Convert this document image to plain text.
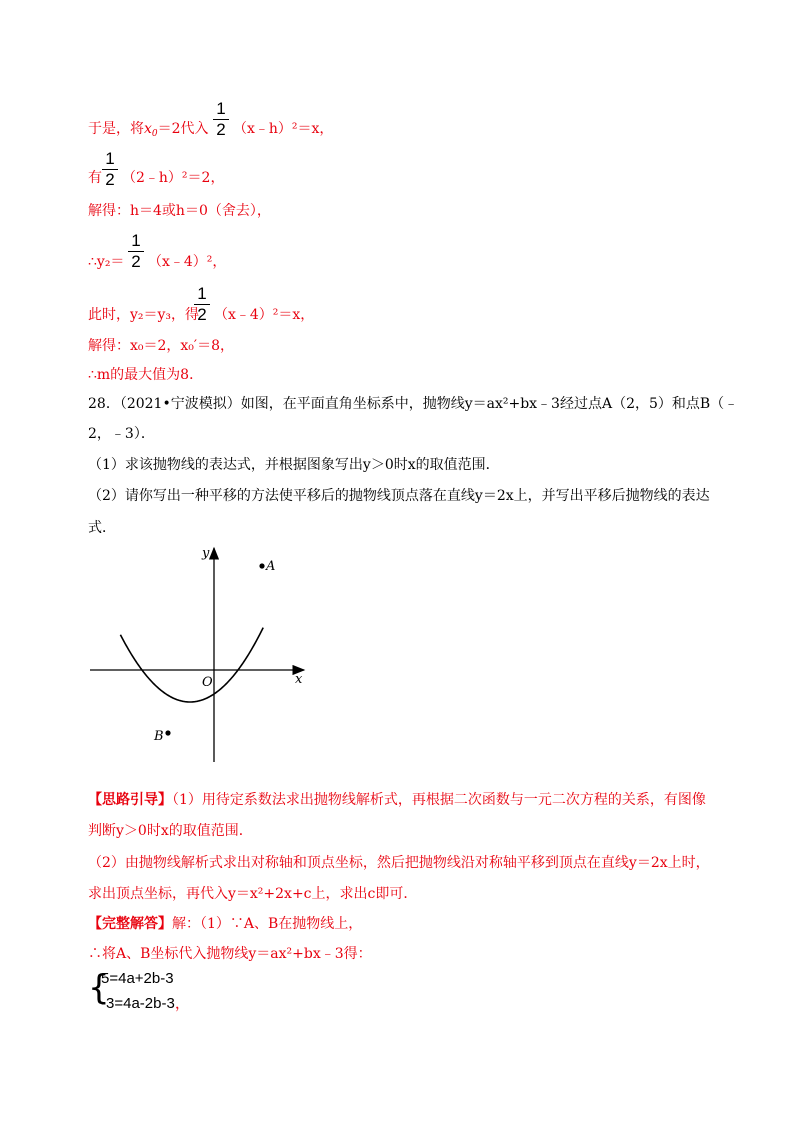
于是，将$x_0=2$代入
1
2 （x﹣h）²＝x，
1
2
有 （2﹣h）²＝2，
解得：h＝4或h＝0（舍去），
∴y₂＝
1
2 （x﹣4）²，
此时，y₂＝y₃，得
1
2 （x﹣4）²＝x，
解得：x₀＝2，x₀′＝8，
∴m的最大值为8．
28．（2021•宁波模拟）如图，在平面直角坐标系中，抛物线y＝ax²+bx﹣3经过点A（2，5）和点B（﹣
2，﹣3）．
（1）求该抛物线的表达式，并根据图象写出y＞0时x的取值范围．
（2）请你写出一种平移的方法使平移后的抛物线顶点落在直线y＝2x上，并写出平移后抛物线的表达
式．
y
x
O
A
B
【思路引导】（1）用待定系数法求出抛物线解析式，再根据二次函数与一元二次方程的关系，有图像
判断y＞0时x的取值范围．
（2）由抛物线解析式求出对称轴和顶点坐标，然后把抛物线沿对称轴平移到顶点在直线y＝2x上时，
求出顶点坐标，再代入y＝x²+2x+c上，求出c即可．
【完整解答】解：（1）∵A、B在抛物线上，
∴将A、B坐标代入抛物线y＝ax²+bx﹣3得：
{
5=4a+2b-3
-3=4a-2b-3，
